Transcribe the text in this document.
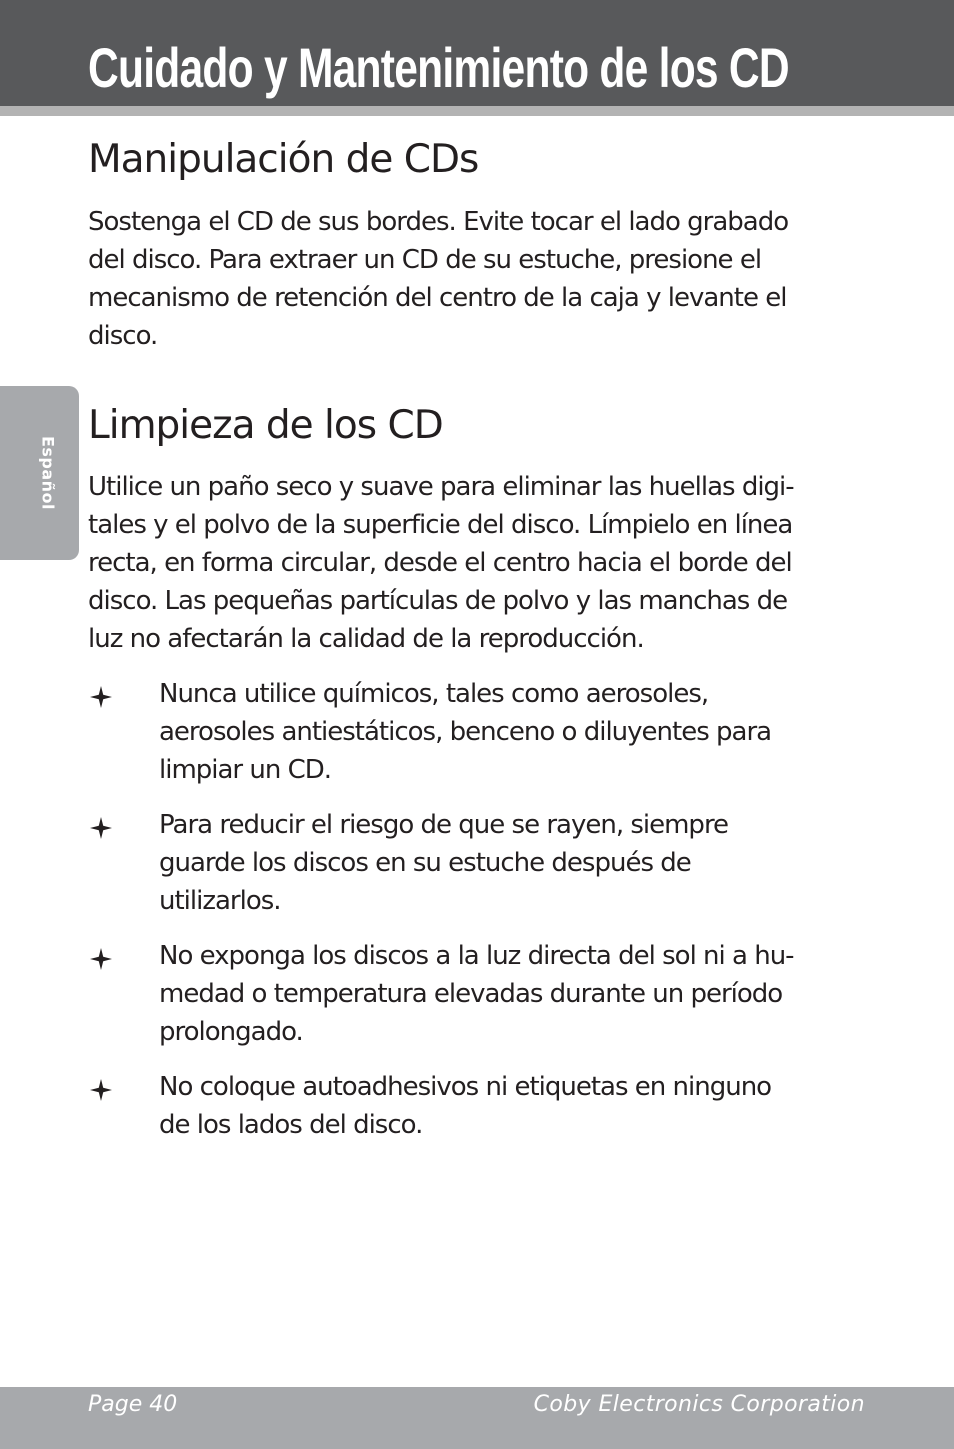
Cuidado y Mantenimiento de los CD
Español
Manipulación de CDs
Sostenga el CD de sus bordes. Evite tocar el lado grabado
del disco. Para extraer un CD de su estuche, presione el
mecanismo de retención del centro de la caja y levante el
disco.
Limpieza de los CD
Utilice un paño seco y suave para eliminar las huellas digi-
tales y el polvo de la superficie del disco. Límpielo en línea
recta, en forma circular, desde el centro hacia el borde del
disco. Las pequeñas partículas de polvo y las manchas de
luz no afectarán la calidad de la reproducción.
Nunca utilice químicos, tales como aerosoles,
aerosoles antiestáticos, benceno o diluyentes para
limpiar un CD.
Para reducir el riesgo de que se rayen, siempre
guarde los discos en su estuche después de
utilizarlos.
No exponga los discos a la luz directa del sol ni a hu-
medad o temperatura elevadas durante un período
prolongado.
No coloque autoadhesivos ni etiquetas en ninguno
de los lados del disco.
Page 40	Coby Electronics Corporation
